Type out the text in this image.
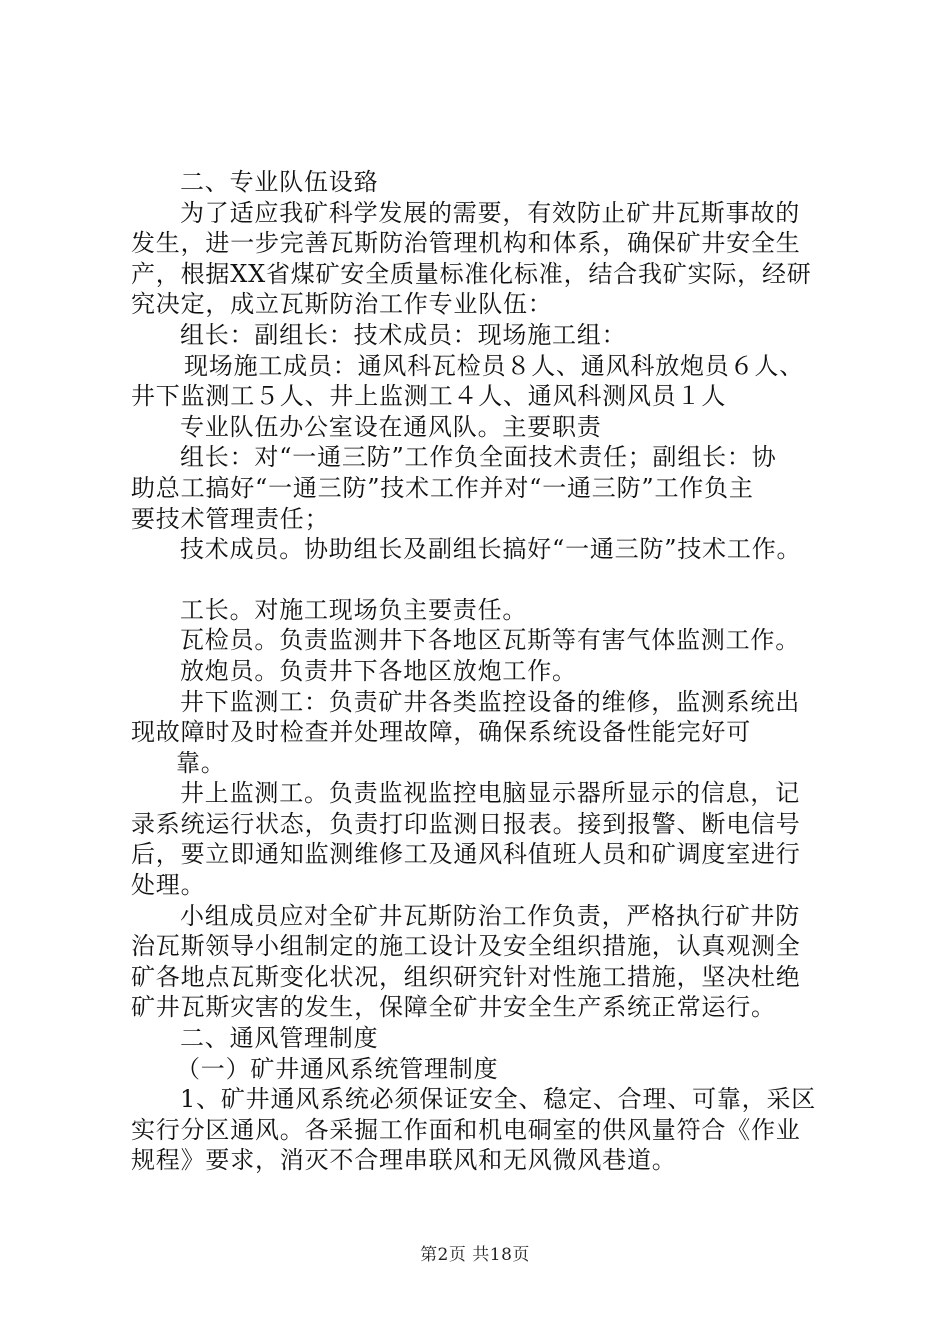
二、专业队伍设臵

为了适应我矿科学发展的需要，有效防止矿井瓦斯事故的

发生，进一步完善瓦斯防治管理机构和体系，确保矿井安全生

产，根据XX省煤矿安全质量标准化标准，结合我矿实际，经研

究决定，成立瓦斯防治工作专业队伍：

组长：副组长：技术成员：现场施工组：

现场施工成员：通风科瓦检员８人、通风科放炮员６人、

井下监测工５人、井上监测工４人、通风科测风员１人

专业队伍办公室设在通风队。主要职责

组长：对“一通三防”工作负全面技术责任；副组长：协

助总工搞好“一通三防”技术工作并对“一通三防”工作负主

要技术管理责任；

技术成员。协助组长及副组长搞好“一通三防”技术工作。

工长。对施工现场负主要责任。

瓦检员。负责监测井下各地区瓦斯等有害气体监测工作。

放炮员。负责井下各地区放炮工作。

井下监测工：负责矿井各类监控设备的维修，监测系统出

现故障时及时检查并处理故障，确保系统设备性能完好可

靠。

井上监测工。负责监视监控电脑显示器所显示的信息，记

录系统运行状态，负责打印监测日报表。接到报警、断电信号

后，要立即通知监测维修工及通风科值班人员和矿调度室进行

处理。

小组成员应对全矿井瓦斯防治工作负责，严格执行矿井防

治瓦斯领导小组制定的施工设计及安全组织措施，认真观测全

矿各地点瓦斯变化状况，组织研究针对性施工措施，坚决杜绝

矿井瓦斯灾害的发生，保障全矿井安全生产系统正常运行。

二、通风管理制度

（一）矿井通风系统管理制度

1、矿井通风系统必须保证安全、稳定、合理、可靠，采区

实行分区通风。各采掘工作面和机电硐室的供风量符合《作业

规程》要求，消灭不合理串联风和无风微风巷道。

第2页 共18页
